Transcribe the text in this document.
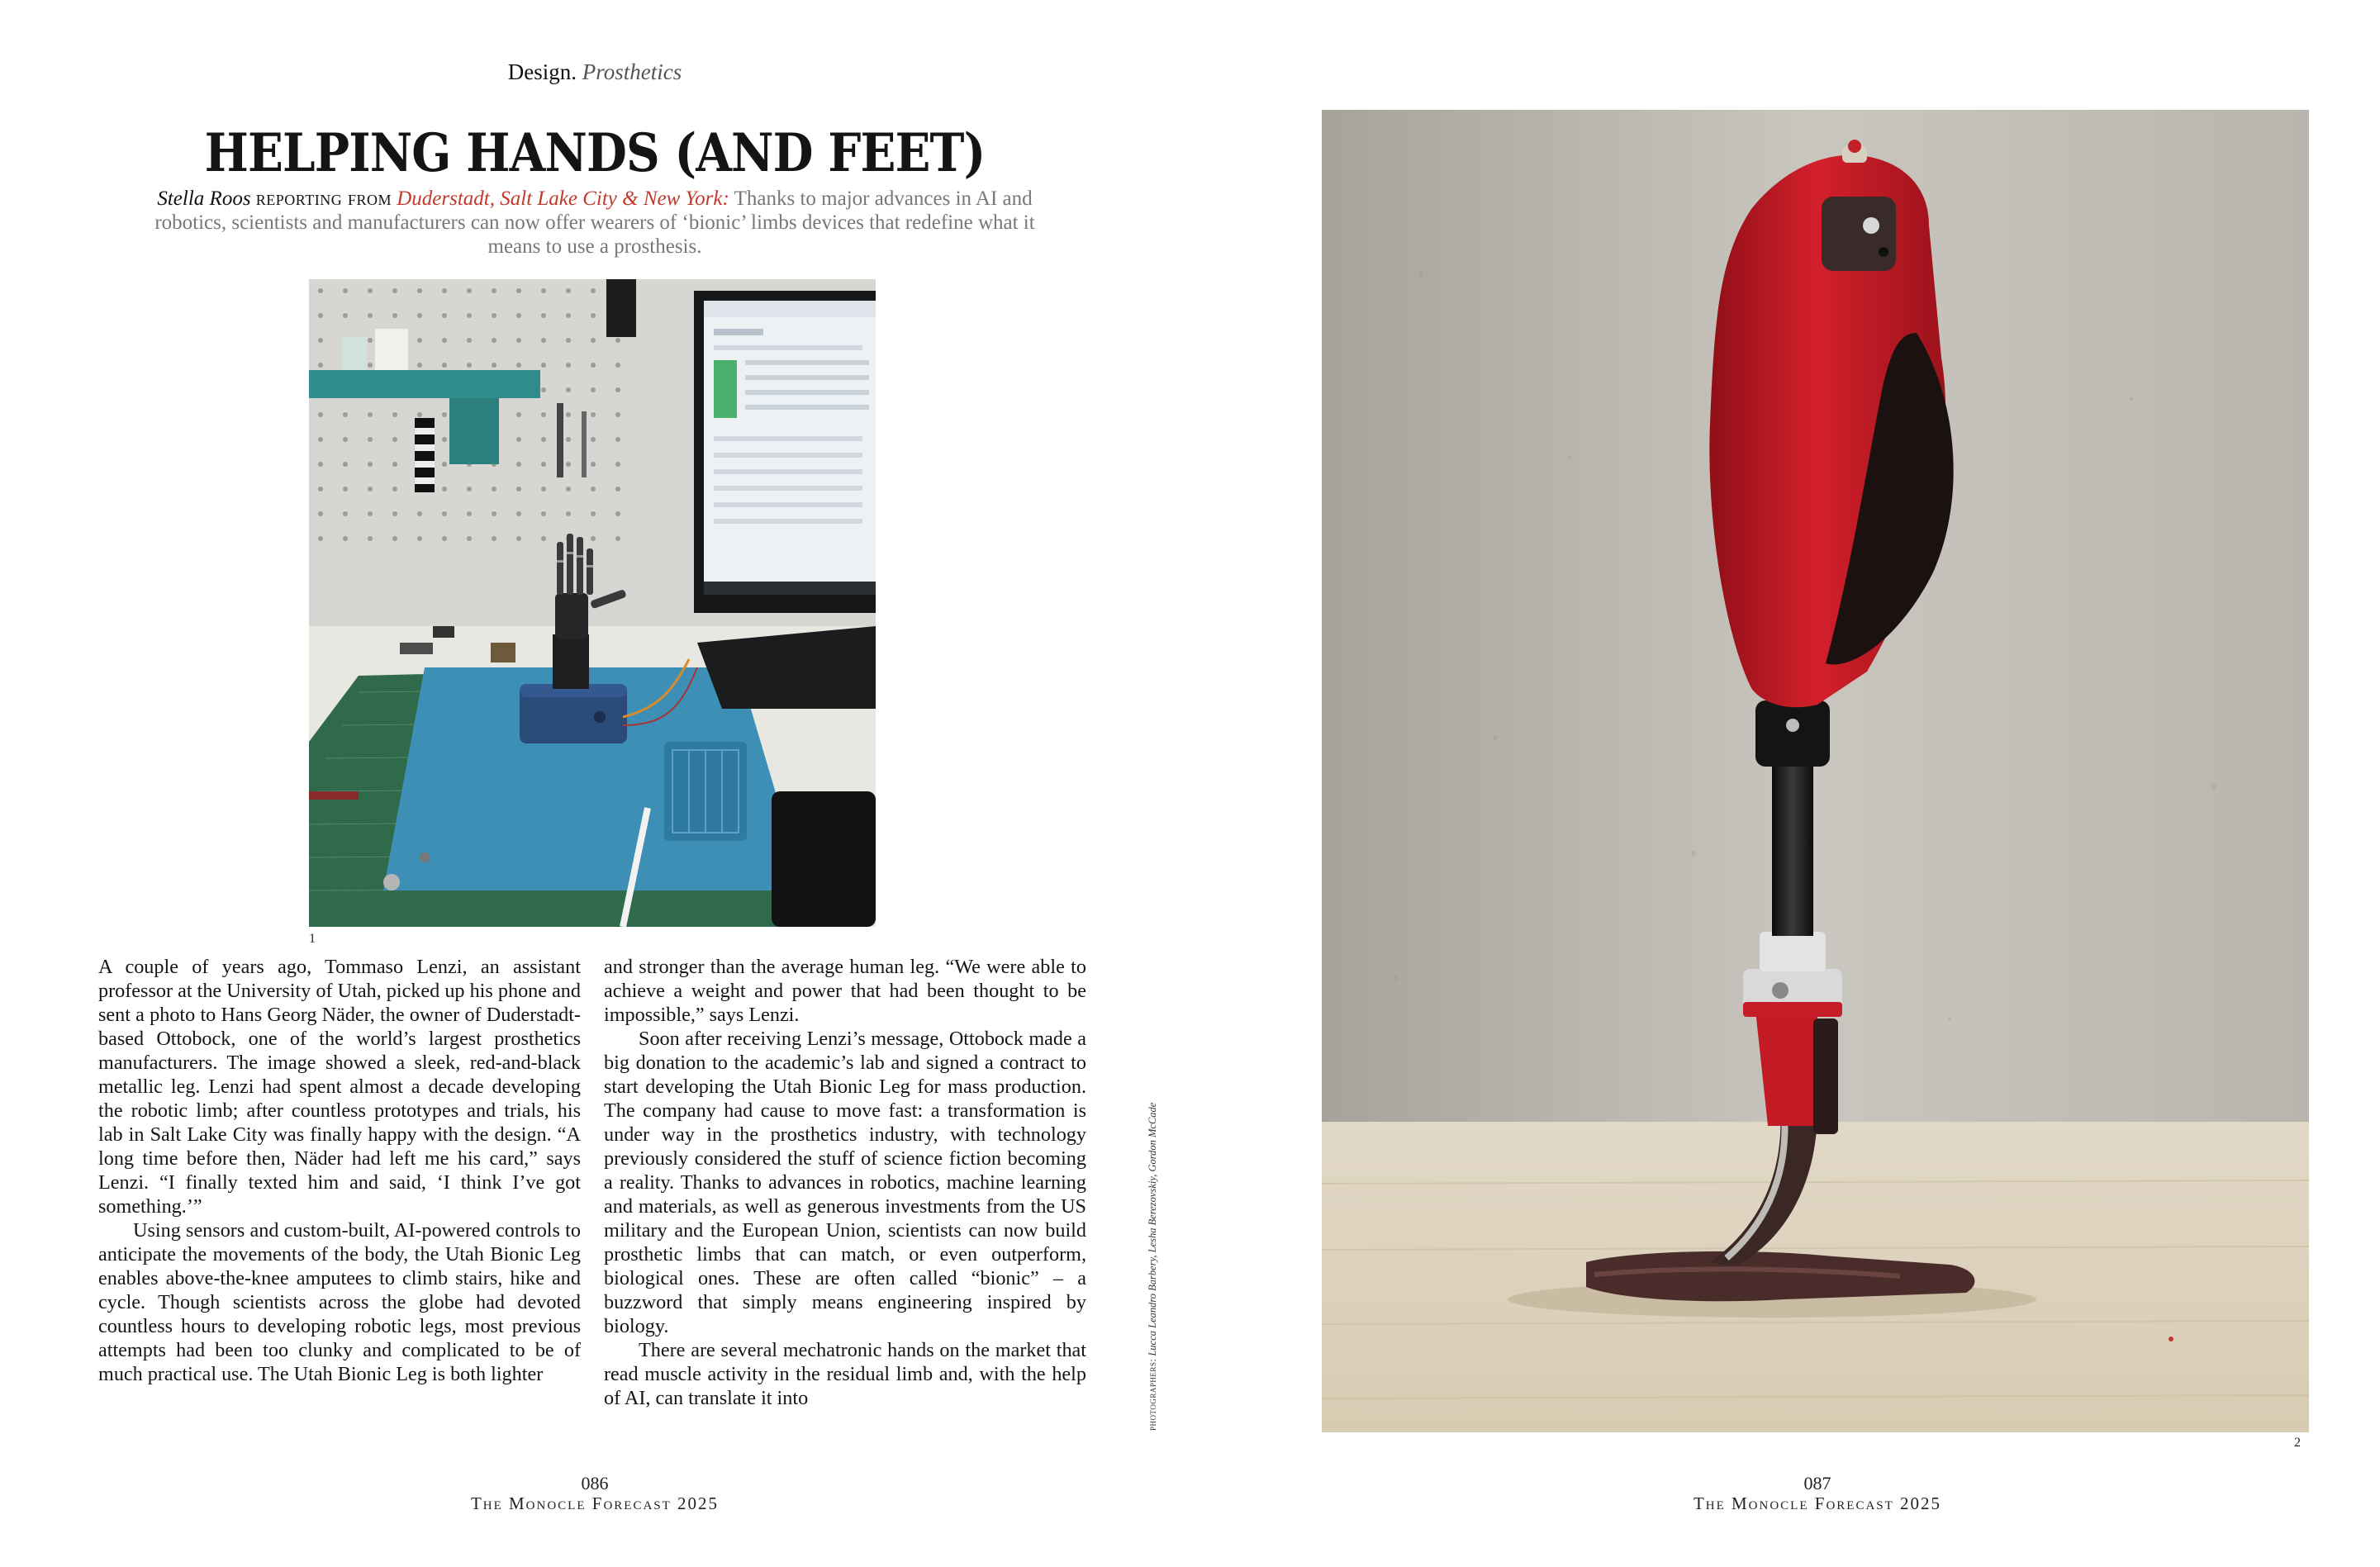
Design. Prosthetics
HELPING HANDS (AND FEET)
Stella Roos reporting from Duderstadt, Salt Lake City & New York: Thanks to major advances in AI and robotics, scientists and manufacturers can now offer wearers of ‘bionic’ limbs devices that redefine what it means to use a prosthesis.
1

A couple of years ago, Tommaso Lenzi, an assistant professor at the University of Utah, picked up his phone and sent a photo to Hans Georg Näder, the owner of Duderstadt-based Ottobock, one of the world’s largest prosthetics manufacturers. The image showed a sleek, red-and-black metallic leg. Lenzi had spent almost a decade developing the robotic limb; after countless prototypes and trials, his lab in Salt Lake City was finally happy with the design. “A long time before then, Näder had left me his card,” says Lenzi. “I finally texted him and said, ‘I think I’ve got something.’”

Using sensors and custom-built, AI-powered controls to anticipate the movements of the body, the Utah Bionic Leg enables above-the-knee amputees to climb stairs, hike and cycle. Though scientists across the globe had devoted countless hours to developing robotic legs, most previous attempts had been too clunky and complicated to be of much practical use. The Utah Bionic Leg is both lighter

and stronger than the average human leg. “We were able to achieve a weight and power that had been thought to be impossible,” says Lenzi.

Soon after receiving Lenzi’s message, Ottobock made a big donation to the academic’s lab and signed a contract to start developing the Utah Bionic Leg for mass production. The company had cause to move fast: a transformation is under way in the prosthetics industry, with technology previously considered the stuff of science fiction becoming a reality. Thanks to advances in robotics, machine learning and materials, as well as generous investments from the US military and the European Union, scientists can now build prosthetic limbs that can match, or even outperform, biological ones. These are often called “bionic” – a buzzword that simply means engineering inspired by biology.

There are several mechatronic hands on the market that read muscle activity in the residual limb and, with the help of AI, can translate it into	photographers: Lucca Leandro Barbery, Lesha Berezovskiy, Gordon McCade
086
The Monocle Forecast 2025
2
087
The Monocle Forecast 2025
